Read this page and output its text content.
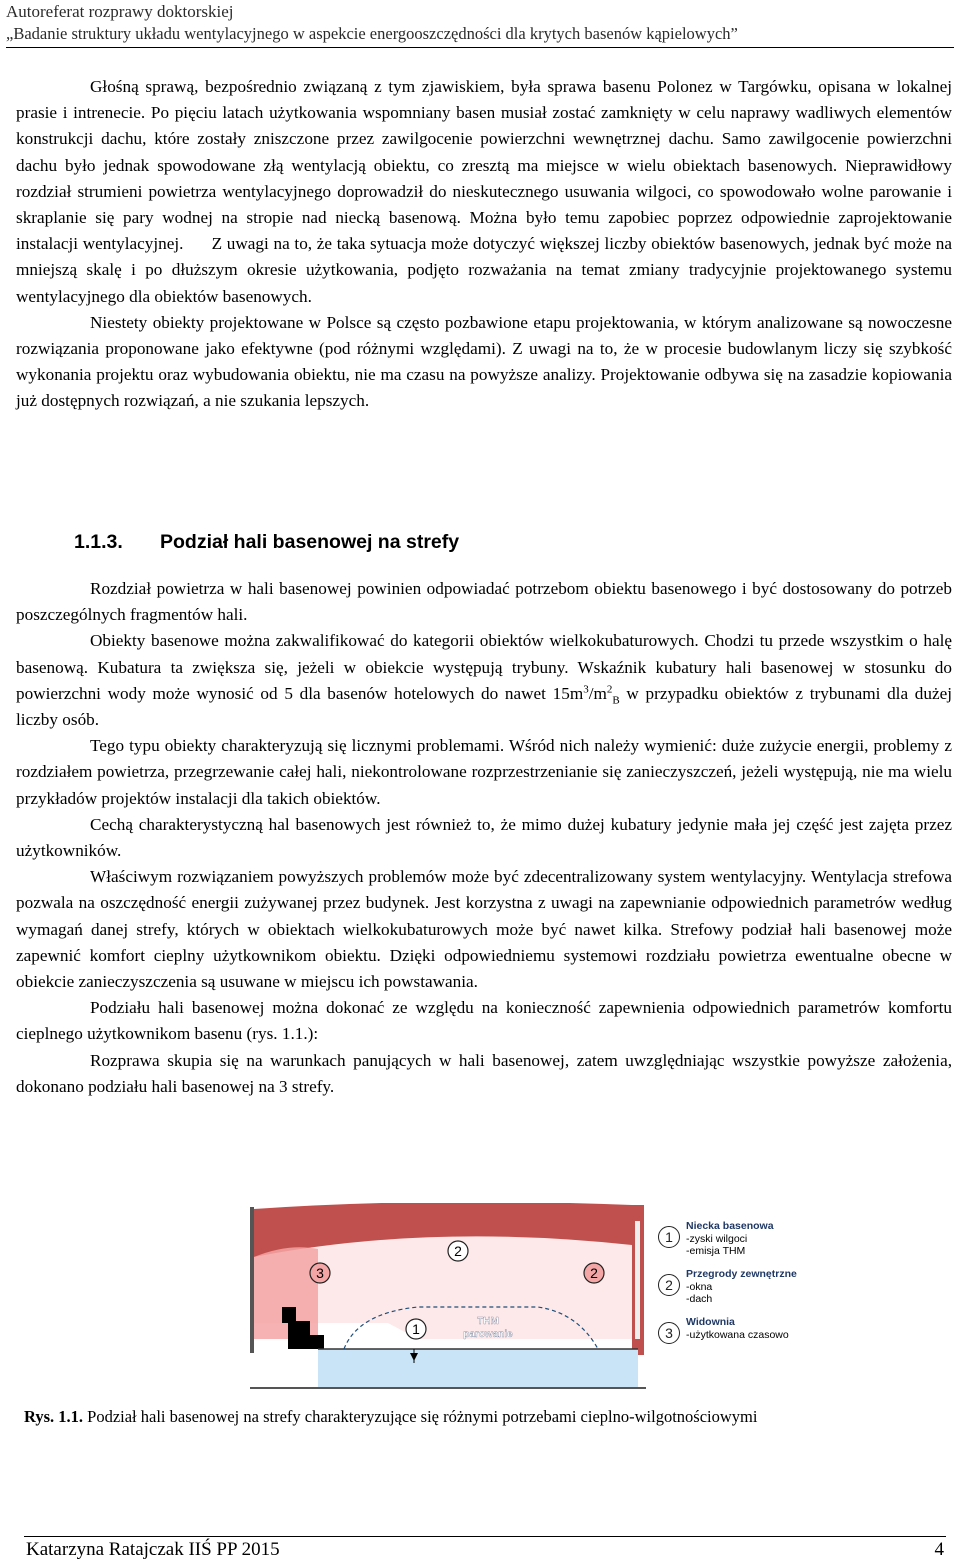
Autoreferat rozprawy doktorskiej
„Badanie struktury układu wentylacyjnego w aspekcie energooszczędności dla krytych basenów kąpielowych”

Głośną sprawą, bezpośrednio związaną z tym zjawiskiem, była sprawa basenu Polonez w Targówku, opisana w lokalnej prasie i intrenecie. Po pięciu latach użytkowania wspomniany basen musiał zostać zamknięty w celu naprawy wadliwych elementów konstrukcji dachu, które zostały zniszczone przez zawilgocenie powierzchni wewnętrznej dachu. Samo zawilgocenie powierzchni dachu było jednak spowodowane złą wentylacją obiektu, co zresztą ma miejsce w wielu obiektach basenowych. Nieprawidłowy rozdział strumieni powietrza wentylacyjnego doprowadził do nieskutecznego usuwania wilgoci, co spowodowało wolne parowanie i skraplanie się pary wodnej na stropie nad niecką basenową. Można było temu zapobiec poprzez odpowiednie zaprojektowanie instalacji wentylacyjnej.      Z uwagi na to, że taka sytuacja może dotyczyć większej liczby obiektów basenowych, jednak być może na mniejszą skalę i po dłuższym okresie użytkowania, podjęto rozważania na temat zmiany tradycyjnie projektowanego systemu wentylacyjnego dla obiektów basenowych.

Niestety obiekty projektowane w Polsce są często pozbawione etapu projektowania, w którym analizowane są nowoczesne rozwiązania proponowane jako efektywne (pod różnymi względami). Z uwagi na to, że w procesie budowlanym liczy się szybkość wykonania projektu oraz wybudowania obiektu, nie ma czasu na powyższe analizy. Projektowanie odbywa się na zasadzie kopiowania już dostępnych rozwiązań, a nie szukania lepszych.

1.1.3. Podział hali basenowej na strefy

Rozdział powietrza w hali basenowej powinien odpowiadać potrzebom obiektu basenowego i być dostosowany do potrzeb poszczególnych fragmentów hali.

Obiekty basenowe można zakwalifikować do kategorii obiektów wielkokubaturowych. Chodzi tu przede wszystkim o halę basenową. Kubatura ta zwiększa się, jeżeli w obiekcie występują trybuny. Wskaźnik kubatury hali basenowej w stosunku do powierzchni wody może wynosić od 5 dla basenów hotelowych do nawet $15m^3/m^2_B$ w przypadku obiektów z trybunami dla dużej liczby osób.

Tego typu obiekty charakteryzują się licznymi problemami. Wśród nich należy wymienić: duże zużycie energii, problemy z rozdziałem powietrza, przegrzewanie całej hali, niekontrolowane rozprzestrzenianie się zanieczyszczeń, jeżeli występują, nie ma wielu przykładów projektów instalacji dla takich obiektów.

Cechą charakterystyczną hal basenowych jest również to, że mimo dużej kubatury jedynie mała jej część jest zajęta przez użytkowników.

Właściwym rozwiązaniem powyższych problemów może być zdecentralizowany system wentylacyjny. Wentylacja strefowa pozwala na oszczędność energii zużywanej przez budynek. Jest korzystna z uwagi na zapewnianie odpowiednich parametrów według wymagań danej strefy, których w obiektach wielkokubaturowych może być nawet kilka. Strefowy podział hali basenowej może zapewnić komfort cieplny użytkownikom obiektu. Dzięki odpowiedniemu systemowi rozdziału powietrza ewentualne obecne w obiekcie zanieczyszczenia są usuwane w miejscu ich powstawania.

Podziału hali basenowej można dokonać ze względu na konieczność zapewnienia odpowiednich parametrów komfortu cieplnego użytkownikom basenu (rys. 1.1.):

Rozprawa skupia się na warunkach panujących w hali basenowej, zatem uwzględniając wszystkie powyższe założenia, dokonano podziału hali basenowej na 3 strefy.

1
2
3	2
THM
parowanie
1
Niecka basenowa
-zyski wilgoci
-emisja THM
2
Przegrody zewnętrzne
-okna
-dach
3
Widownia
-użytkowana czasowo
Rys. 1.1. Podział hali basenowej na strefy charakteryzujące się różnymi potrzebami cieplno-wilgotnościowymi
Katarzyna Ratajczak IIŚ PP 2015	4
